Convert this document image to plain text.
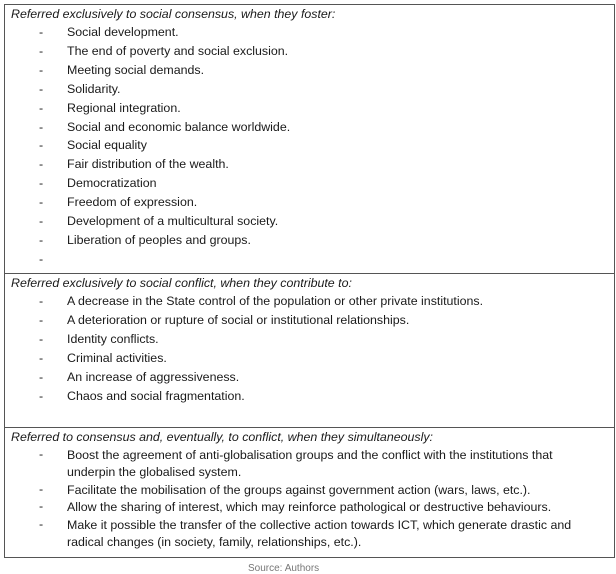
Referred exclusively to social consensus, when they foster:
- Social development.
- The end of poverty and social exclusion.
- Meeting social demands.
- Solidarity.
- Regional integration.
- Social and economic balance worldwide.
- Social equality
- Fair distribution of the wealth.
- Democratization
- Freedom of expression.
- Development of a multicultural society.
- Liberation of peoples and groups.
-
Referred exclusively to social conflict, when they contribute to:
- A decrease in the State control of the population or other private institutions.
- A deterioration or rupture of social or institutional relationships.
- Identity conflicts.
- Criminal activities.
- An increase of aggressiveness.
- Chaos and social fragmentation.
Referred to consensus and, eventually, to conflict, when they simultaneously:
- Boost the agreement of anti-globalisation groups and the conflict with the institutions that underpin the globalised system.
- Facilitate the mobilisation of the groups against government action (wars, laws, etc.).
- Allow the sharing of interest, which may reinforce pathological or destructive behaviours.
- Make it possible the transfer of the collective action towards ICT, which generate drastic and radical changes (in society, family, relationships, etc.).
Source: Authors
